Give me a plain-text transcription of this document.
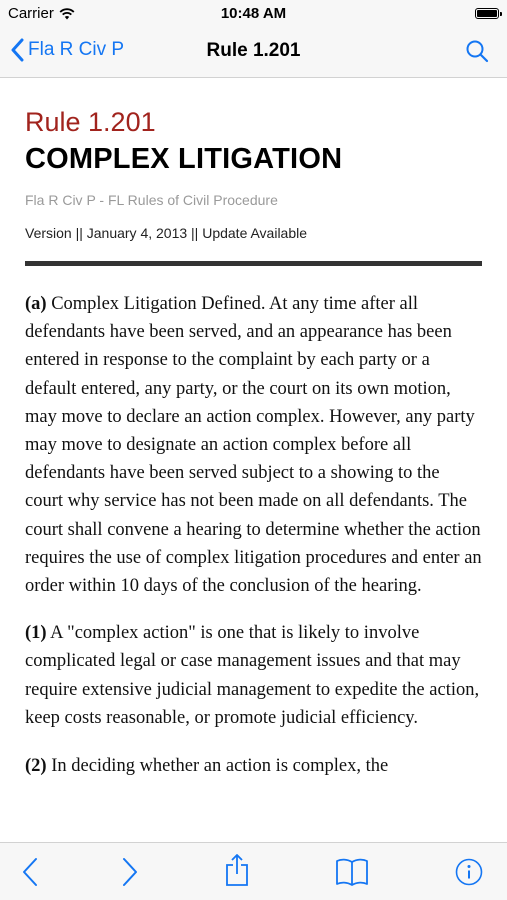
Carrier	10:48 AM
Fla R Civ P	Rule 1.201
Rule 1.201
COMPLEX LITIGATION
Fla R Civ P - FL Rules of Civil Procedure
Version || January 4, 2013 || Update Available

(a) Complex Litigation Defined. At any time after all defendants have been served, and an appearance has been entered in response to the complaint by each party or a default entered, any party, or the court on its own motion, may move to declare an action complex. However, any party may move to designate an action complex before all defendants have been served subject to a showing to the court why service has not been made on all defendants. The court shall convene a hearing to determine whether the action requires the use of complex litigation procedures and enter an order within 10 days of the conclusion of the hearing.

(1) A "complex action" is one that is likely to involve complicated legal or case management issues and that may require extensive judicial management to expedite the action, keep costs reasonable, or promote judicial efficiency.

(2) In deciding whether an action is complex, the
